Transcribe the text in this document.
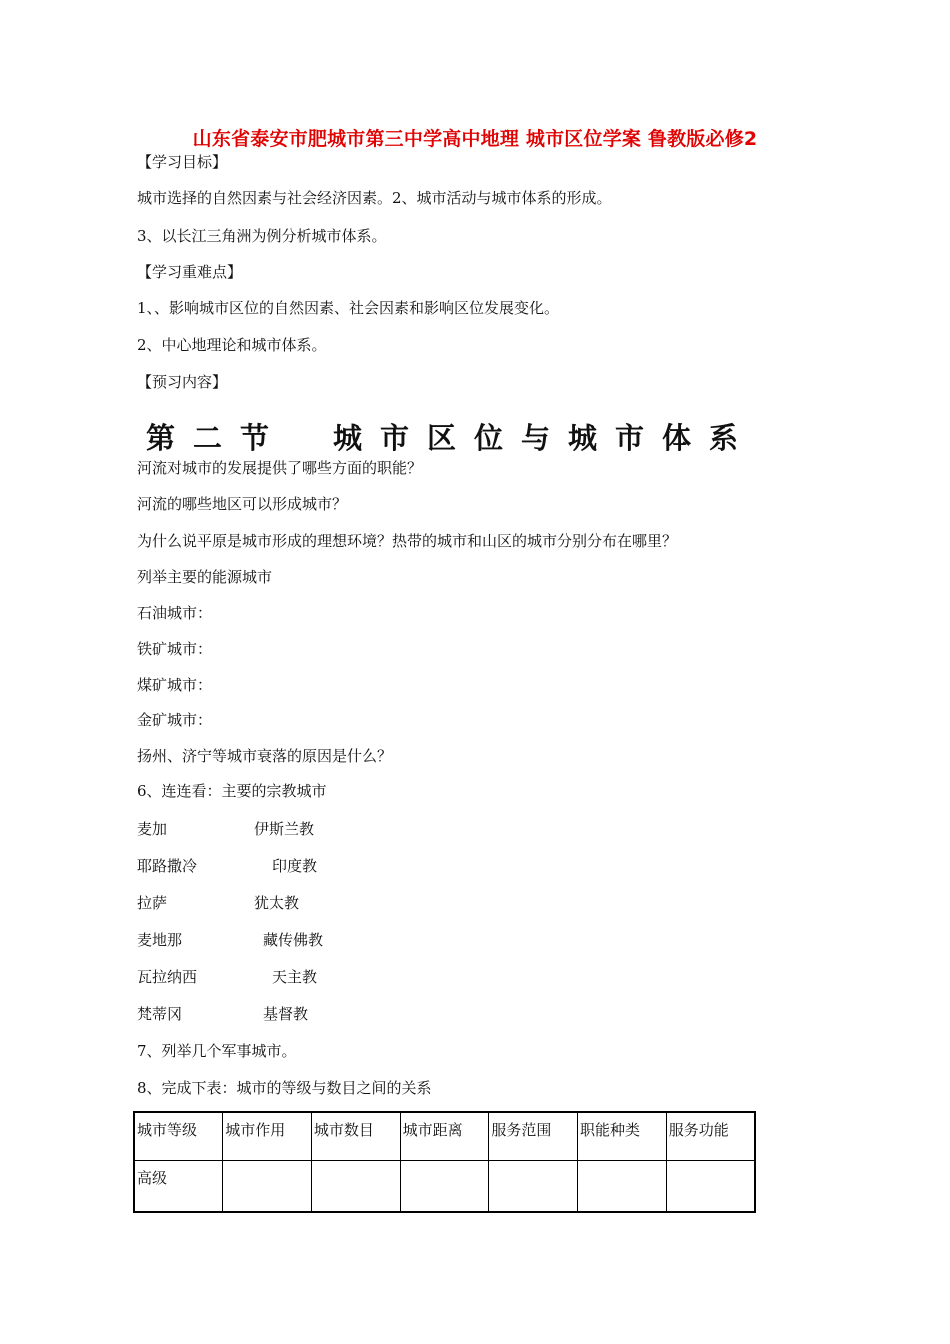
山东省泰安市肥城市第三中学高中地理 城市区位学案 鲁教版必修2
【学习目标】
城市选择的自然因素与社会经济因素。2、城市活动与城市体系的形成。
3、以长江三角洲为例分析城市体系。
【学习重难点】
1、、影响城市区位的自然因素、社会因素和影响区位发展变化。
2、中心地理论和城市体系。
【预习内容】
第二节 城市区位与城市体系
河流对城市的发展提供了哪些方面的职能？
河流的哪些地区可以形成城市？
为什么说平原是城市形成的理想环境？热带的城市和山区的城市分别分布在哪里？
列举主要的能源城市
石油城市：
铁矿城市：
煤矿城市：
金矿城市：
扬州、济宁等城市衰落的原因是什么？
6、连连看：主要的宗教城市
麦加	伊斯兰教
耶路撒冷	印度教
拉萨	犹太教
麦地那	藏传佛教
瓦拉纳西	天主教
梵蒂冈	基督教
7、列举几个军事城市。
8、完成下表：城市的等级与数目之间的关系
城市等级	城市作用	城市数目	城市距离	服务范围	职能种类	服务功能
高级						
